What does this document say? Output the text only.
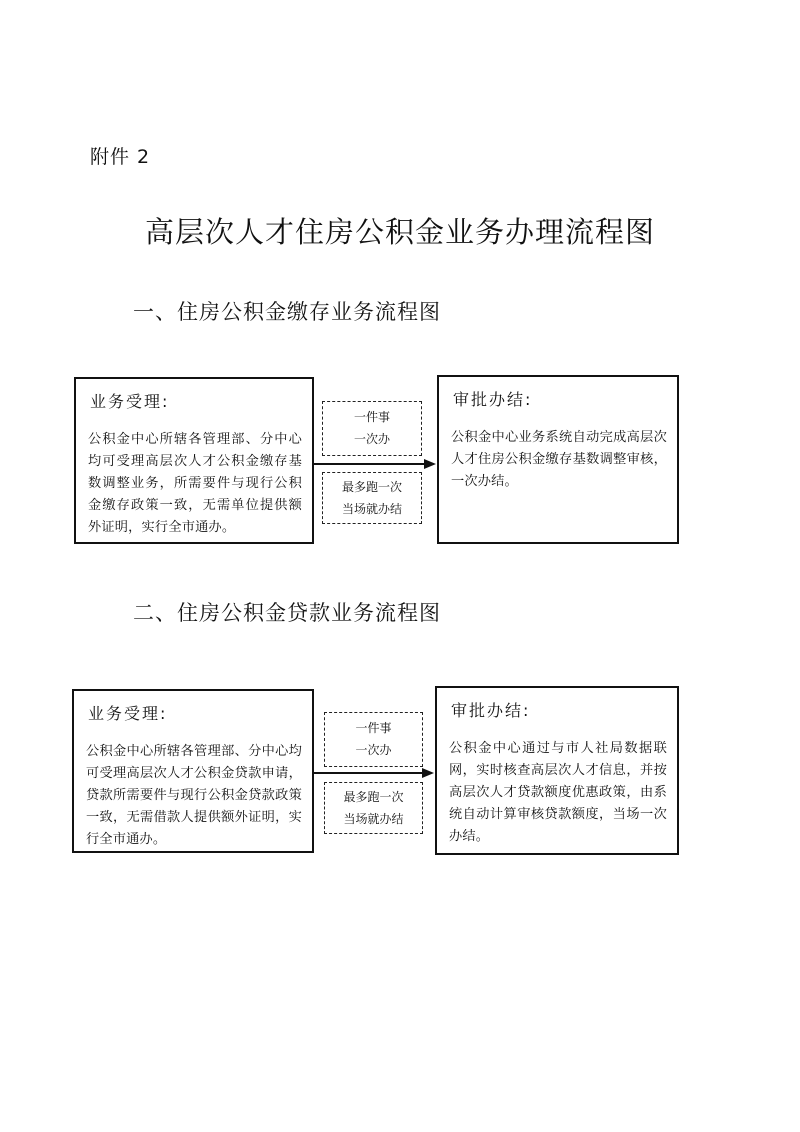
附件 2
高层次人才住房公积金业务办理流程图
一、住房公积金缴存业务流程图
业务受理:
公积金中心所辖各管理部、分中心均可受理高层次人才公积金缴存基数调整业务，所需要件与现行公积金缴存政策一致，无需单位提供额外证明，实行全市通办。
一件事
一次办
最多跑一次
当场就办结
审批办结:
公积金中心业务系统自动完成高层次人才住房公积金缴存基数调整审核，一次办结。
二、住房公积金贷款业务流程图
业务受理:
公积金中心所辖各管理部、分中心均可受理高层次人才公积金贷款申请，贷款所需要件与现行公积金贷款政策一致，无需借款人提供额外证明，实行全市通办。
一件事
一次办
最多跑一次
当场就办结
审批办结:
公积金中心通过与市人社局数据联网，实时核查高层次人才信息，并按高层次人才贷款额度优惠政策，由系统自动计算审核贷款额度，当场一次办结。
